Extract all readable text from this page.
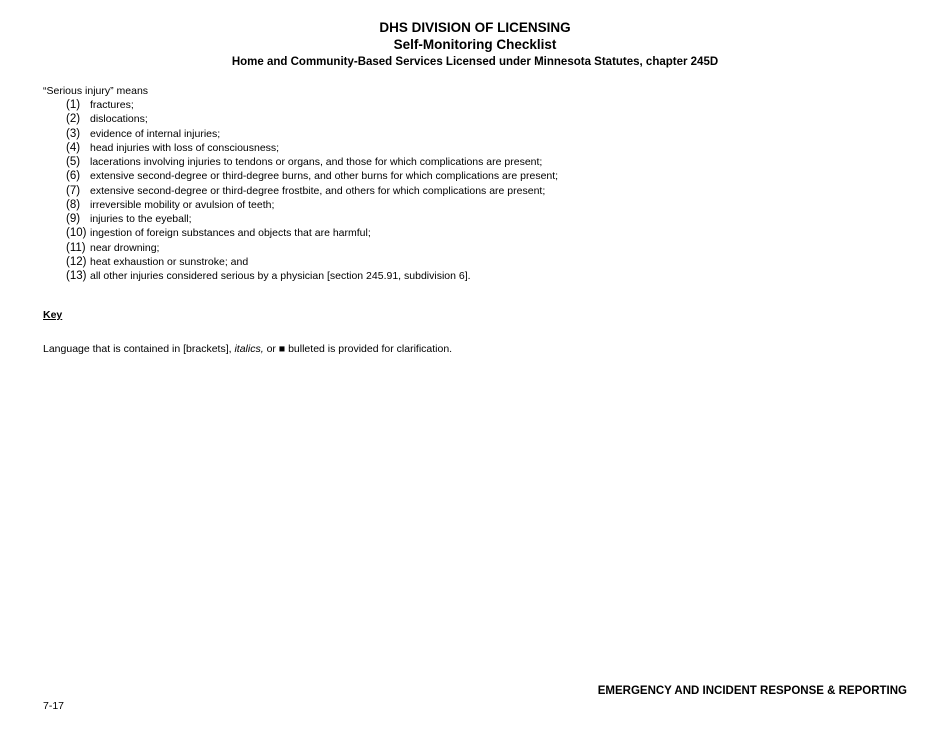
DHS DIVISION OF LICENSING
Self-Monitoring Checklist
Home and Community-Based Services Licensed under Minnesota Statutes, chapter 245D
“Serious injury” means
(1) fractures;
(2) dislocations;
(3) evidence of internal injuries;
(4) head injuries with loss of consciousness;
(5) lacerations involving injuries to tendons or organs, and those for which complications are present;
(6) extensive second-degree or third-degree burns, and other burns for which complications are present;
(7) extensive second-degree or third-degree frostbite, and others for which complications are present;
(8) irreversible mobility or avulsion of teeth;
(9) injuries to the eyeball;
(10) ingestion of foreign substances and objects that are harmful;
(11) near drowning;
(12) heat exhaustion or sunstroke; and
(13) all other injuries considered serious by a physician [section 245.91, subdivision 6].
Key
Language that is contained in [brackets], italics, or ■ bulleted is provided for clarification.
EMERGENCY AND INCIDENT RESPONSE & REPORTING
7-17
